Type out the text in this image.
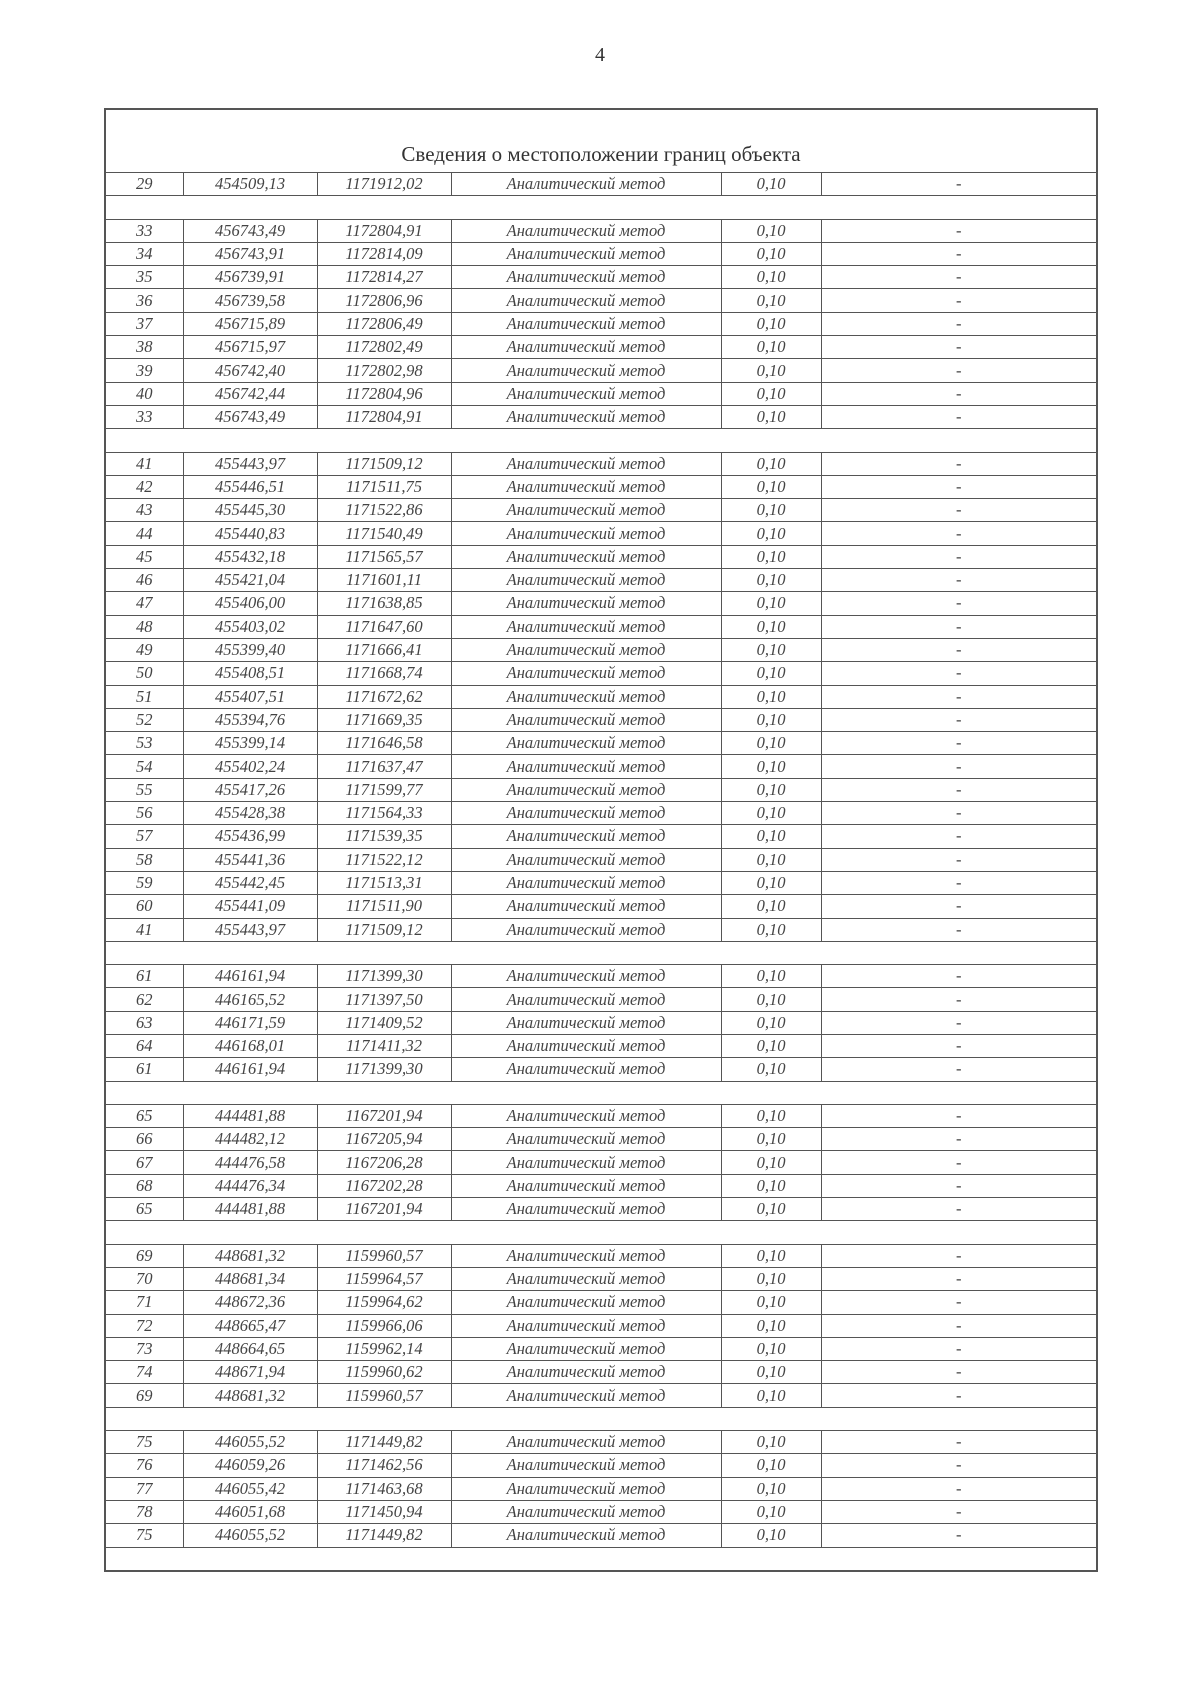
4
Сведения о местоположении границ объекта					
29	454509,13	1171912,02	Аналитический метод	0,10	-

33	456743,49	1172804,91	Аналитический метод	0,10	-
34	456743,91	1172814,09	Аналитический метод	0,10	-
35	456739,91	1172814,27	Аналитический метод	0,10	-
36	456739,58	1172806,96	Аналитический метод	0,10	-
37	456715,89	1172806,49	Аналитический метод	0,10	-
38	456715,97	1172802,49	Аналитический метод	0,10	-
39	456742,40	1172802,98	Аналитический метод	0,10	-
40	456742,44	1172804,96	Аналитический метод	0,10	-
33	456743,49	1172804,91	Аналитический метод	0,10	-

41	455443,97	1171509,12	Аналитический метод	0,10	-
42	455446,51	1171511,75	Аналитический метод	0,10	-
43	455445,30	1171522,86	Аналитический метод	0,10	-
44	455440,83	1171540,49	Аналитический метод	0,10	-
45	455432,18	1171565,57	Аналитический метод	0,10	-
46	455421,04	1171601,11	Аналитический метод	0,10	-
47	455406,00	1171638,85	Аналитический метод	0,10	-
48	455403,02	1171647,60	Аналитический метод	0,10	-
49	455399,40	1171666,41	Аналитический метод	0,10	-
50	455408,51	1171668,74	Аналитический метод	0,10	-
51	455407,51	1171672,62	Аналитический метод	0,10	-
52	455394,76	1171669,35	Аналитический метод	0,10	-
53	455399,14	1171646,58	Аналитический метод	0,10	-
54	455402,24	1171637,47	Аналитический метод	0,10	-
55	455417,26	1171599,77	Аналитический метод	0,10	-
56	455428,38	1171564,33	Аналитический метод	0,10	-
57	455436,99	1171539,35	Аналитический метод	0,10	-
58	455441,36	1171522,12	Аналитический метод	0,10	-
59	455442,45	1171513,31	Аналитический метод	0,10	-
60	455441,09	1171511,90	Аналитический метод	0,10	-
41	455443,97	1171509,12	Аналитический метод	0,10	-

61	446161,94	1171399,30	Аналитический метод	0,10	-
62	446165,52	1171397,50	Аналитический метод	0,10	-
63	446171,59	1171409,52	Аналитический метод	0,10	-
64	446168,01	1171411,32	Аналитический метод	0,10	-
61	446161,94	1171399,30	Аналитический метод	0,10	-

65	444481,88	1167201,94	Аналитический метод	0,10	-
66	444482,12	1167205,94	Аналитический метод	0,10	-
67	444476,58	1167206,28	Аналитический метод	0,10	-
68	444476,34	1167202,28	Аналитический метод	0,10	-
65	444481,88	1167201,94	Аналитический метод	0,10	-

69	448681,32	1159960,57	Аналитический метод	0,10	-
70	448681,34	1159964,57	Аналитический метод	0,10	-
71	448672,36	1159964,62	Аналитический метод	0,10	-
72	448665,47	1159966,06	Аналитический метод	0,10	-
73	448664,65	1159962,14	Аналитический метод	0,10	-
74	448671,94	1159960,62	Аналитический метод	0,10	-
69	448681,32	1159960,57	Аналитический метод	0,10	-

75	446055,52	1171449,82	Аналитический метод	0,10	-
76	446059,26	1171462,56	Аналитический метод	0,10	-
77	446055,42	1171463,68	Аналитический метод	0,10	-
78	446051,68	1171450,94	Аналитический метод	0,10	-
75	446055,52	1171449,82	Аналитический метод	0,10	-
